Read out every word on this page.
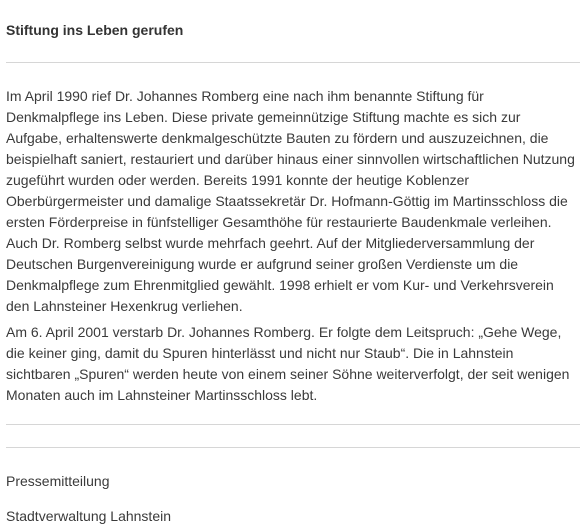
Stiftung ins Leben gerufen

Im April 1990 rief Dr. Johannes Romberg eine nach ihm benannte Stiftung für Denkmalpflege ins Leben. Diese private gemeinnützige Stiftung machte es sich zur Aufgabe, erhaltenswerte denkmalgeschützte Bauten zu fördern und auszuzeichnen, die beispielhaft saniert, restauriert und darüber hinaus einer sinnvollen wirtschaftlichen Nutzung zugeführt wurden oder werden. Bereits 1991 konnte der heutige Koblenzer Oberbürgermeister und damalige Staatssekretär Dr. Hofmann-Göttig im Martinsschloss die ersten Förderpreise in fünfstelliger Gesamthöhe für restaurierte Baudenkmale verleihen. Auch Dr. Romberg selbst wurde mehrfach geehrt. Auf der Mitgliederversammlung der Deutschen Burgenvereinigung wurde er aufgrund seiner großen Verdienste um die Denkmalpflege zum Ehrenmitglied gewählt. 1998 erhielt er vom Kur- und Verkehrsverein den Lahnsteiner Hexenkrug verliehen.

Am 6. April 2001 verstarb Dr. Johannes Romberg. Er folgte dem Leitspruch: „Gehe Wege, die keiner ging, damit du Spuren hinterlässt und nicht nur Staub“. Die in Lahnstein sichtbaren „Spuren“ werden heute von einem seiner Söhne weiterverfolgt, der seit wenigen Monaten auch im Lahnsteiner Martinsschloss lebt.

Pressemitteilung
Stadtverwaltung Lahnstein
